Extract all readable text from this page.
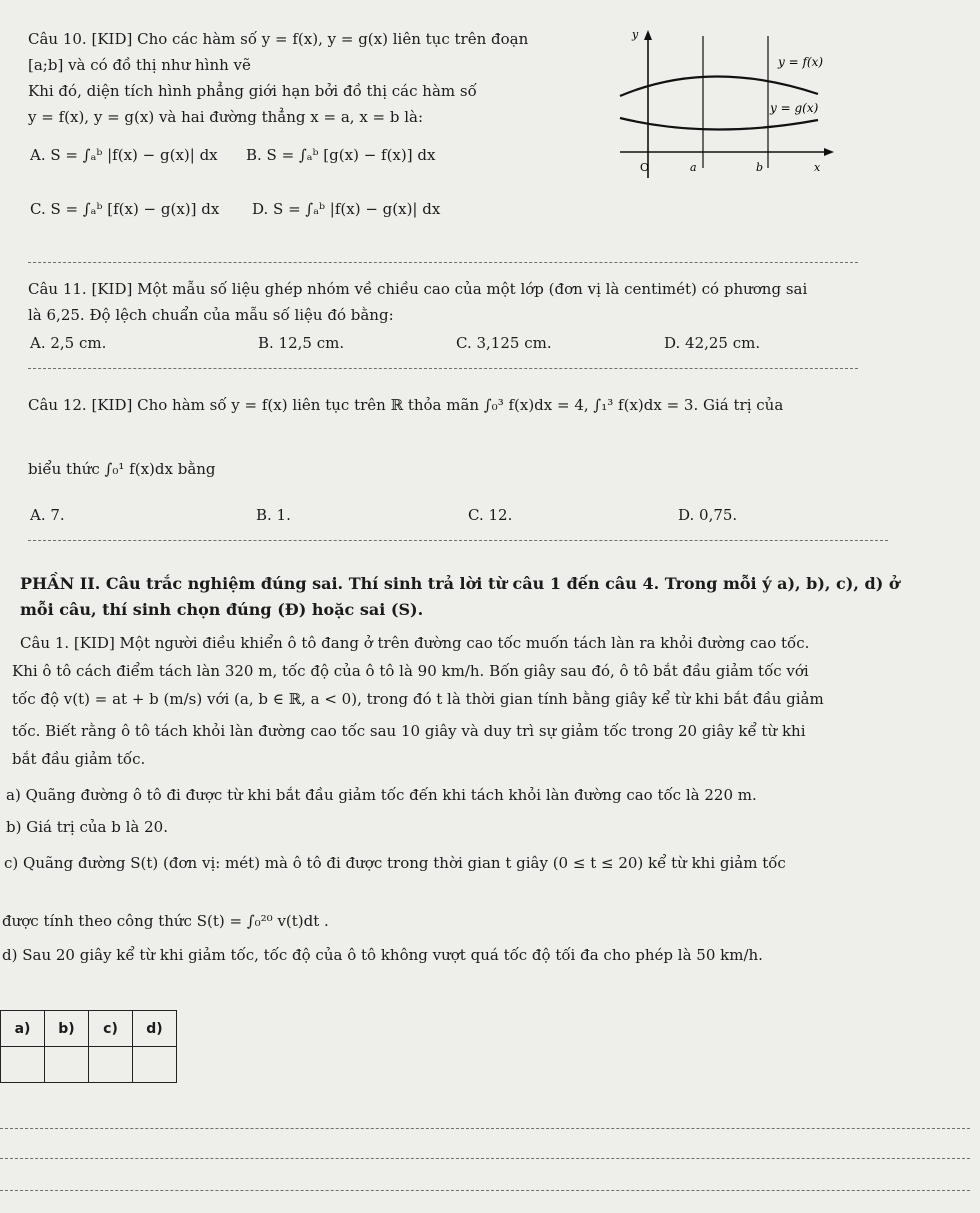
Câu 10. [KID] Cho các hàm số y = f(x), y = g(x) liên tục trên đoạn
[a;b] và có đồ thị như hình vẽ
Khi đó, diện tích hình phẳng giới hạn bởi đồ thị các hàm số
y = f(x), y = g(x) và hai đường thẳng x = a, x = b là:
A. S = ∫ₐᵇ |f(x) − g(x)| dx B. S = ∫ₐᵇ [g(x) − f(x)] dx
C. S = ∫ₐᵇ [f(x) − g(x)] dx D. S = ∫ₐᵇ |f(x) − g(x)| dx
y
y = f(x)
y = g(x)
O	a	b	x
Câu 11. [KID] Một mẫu số liệu ghép nhóm về chiều cao của một lớp (đơn vị là centimét) có phương sai
là 6,25. Độ lệch chuẩn của mẫu số liệu đó bằng:
A. 2,5 cm.	B. 12,5 cm.	C. 3,125 cm.	D. 42,25 cm.
Câu 12. [KID] Cho hàm số y = f(x) liên tục trên ℝ thỏa mãn ∫₀³ f(x)dx = 4, ∫₁³ f(x)dx = 3. Giá trị của
biểu thức ∫₀¹ f(x)dx bằng
A. 7.	B. 1.	C. 12.	D. 0,75.
PHẦN II. Câu trắc nghiệm đúng sai. Thí sinh trả lời từ câu 1 đến câu 4. Trong mỗi ý a), b), c), d) ở
mỗi câu, thí sinh chọn đúng (Đ) hoặc sai (S).
Câu 1. [KID] Một người điều khiển ô tô đang ở trên đường cao tốc muốn tách làn ra khỏi đường cao tốc.
Khi ô tô cách điểm tách làn 320 m, tốc độ của ô tô là 90 km/h. Bốn giây sau đó, ô tô bắt đầu giảm tốc với
tốc độ v(t) = at + b (m/s) với (a, b ∈ ℝ, a < 0), trong đó t là thời gian tính bằng giây kể từ khi bắt đầu giảm
tốc. Biết rằng ô tô tách khỏi làn đường cao tốc sau 10 giây và duy trì sự giảm tốc trong 20 giây kể từ khi
bắt đầu giảm tốc.
a) Quãng đường ô tô đi được từ khi bắt đầu giảm tốc đến khi tách khỏi làn đường cao tốc là 220 m.
b) Giá trị của b là 20.
c) Quãng đường S(t) (đơn vị: mét) mà ô tô đi được trong thời gian t giây (0 ≤ t ≤ 20) kể từ khi giảm tốc
được tính theo công thức S(t) = ∫₀²⁰ v(t)dt .
d) Sau 20 giây kể từ khi giảm tốc, tốc độ của ô tô không vượt quá tốc độ tối đa cho phép là 50 km/h.
a)	b)	c)	d)
